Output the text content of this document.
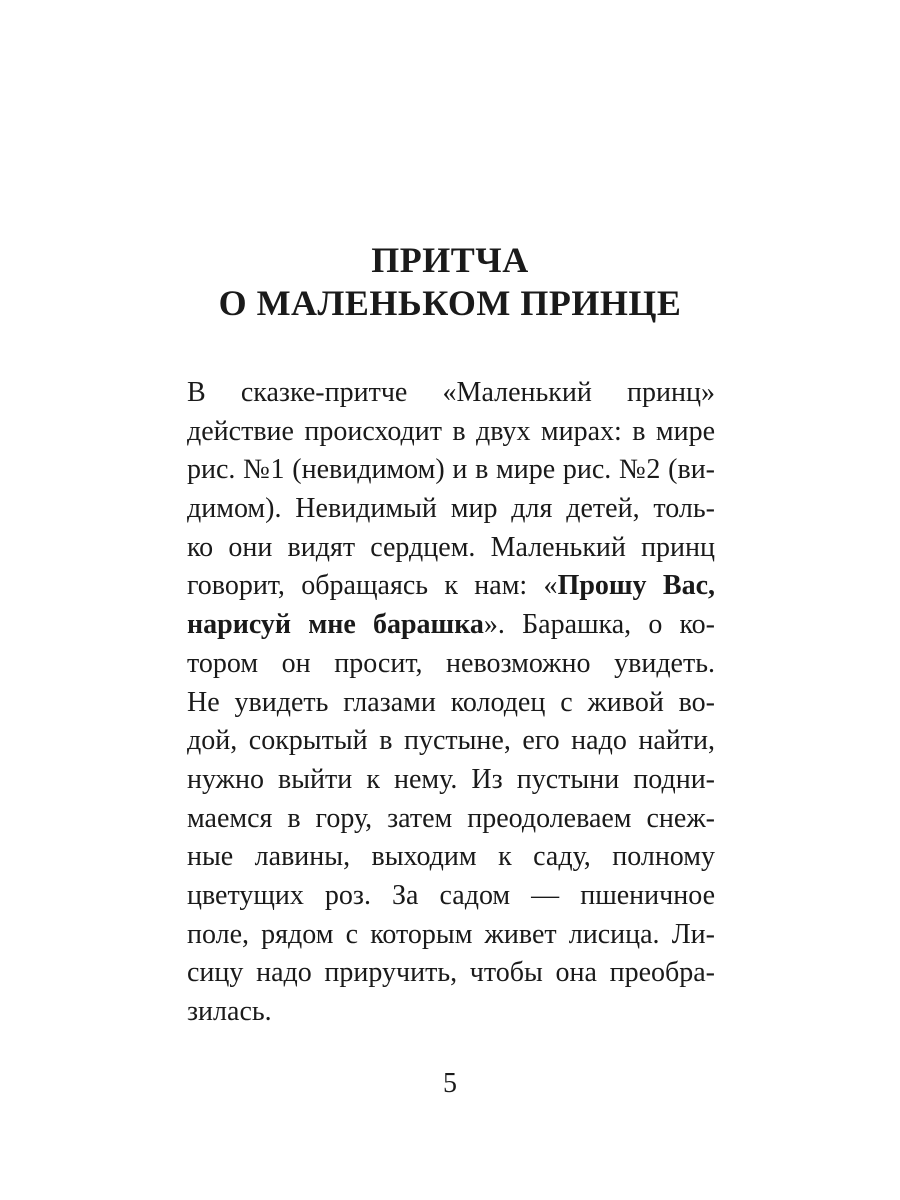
ПРИТЧА
О МАЛЕНЬКОМ ПРИНЦЕ
В сказке-притче «Маленький принц»
действие происходит в двух мирах: в мире
рис. №1 (невидимом) и в мире рис. №2 (ви-
димом). Невидимый мир для детей, толь-
ко они видят сердцем. Маленький принц
говорит, обращаясь к нам: «Прошу Вас,
нарисуй мне барашка». Барашка, о ко-
тором он просит, невозможно увидеть.
Не увидеть глазами колодец с живой во-
дой, сокрытый в пустыне, его надо найти,
нужно выйти к нему. Из пустыни подни-
маемся в гору, затем преодолеваем снеж-
ные лавины, выходим к саду, полному
цветущих роз. За садом — пшеничное
поле, рядом с которым живет лисица. Ли-
сицу надо приручить, чтобы она преобра-
зилась.
5
